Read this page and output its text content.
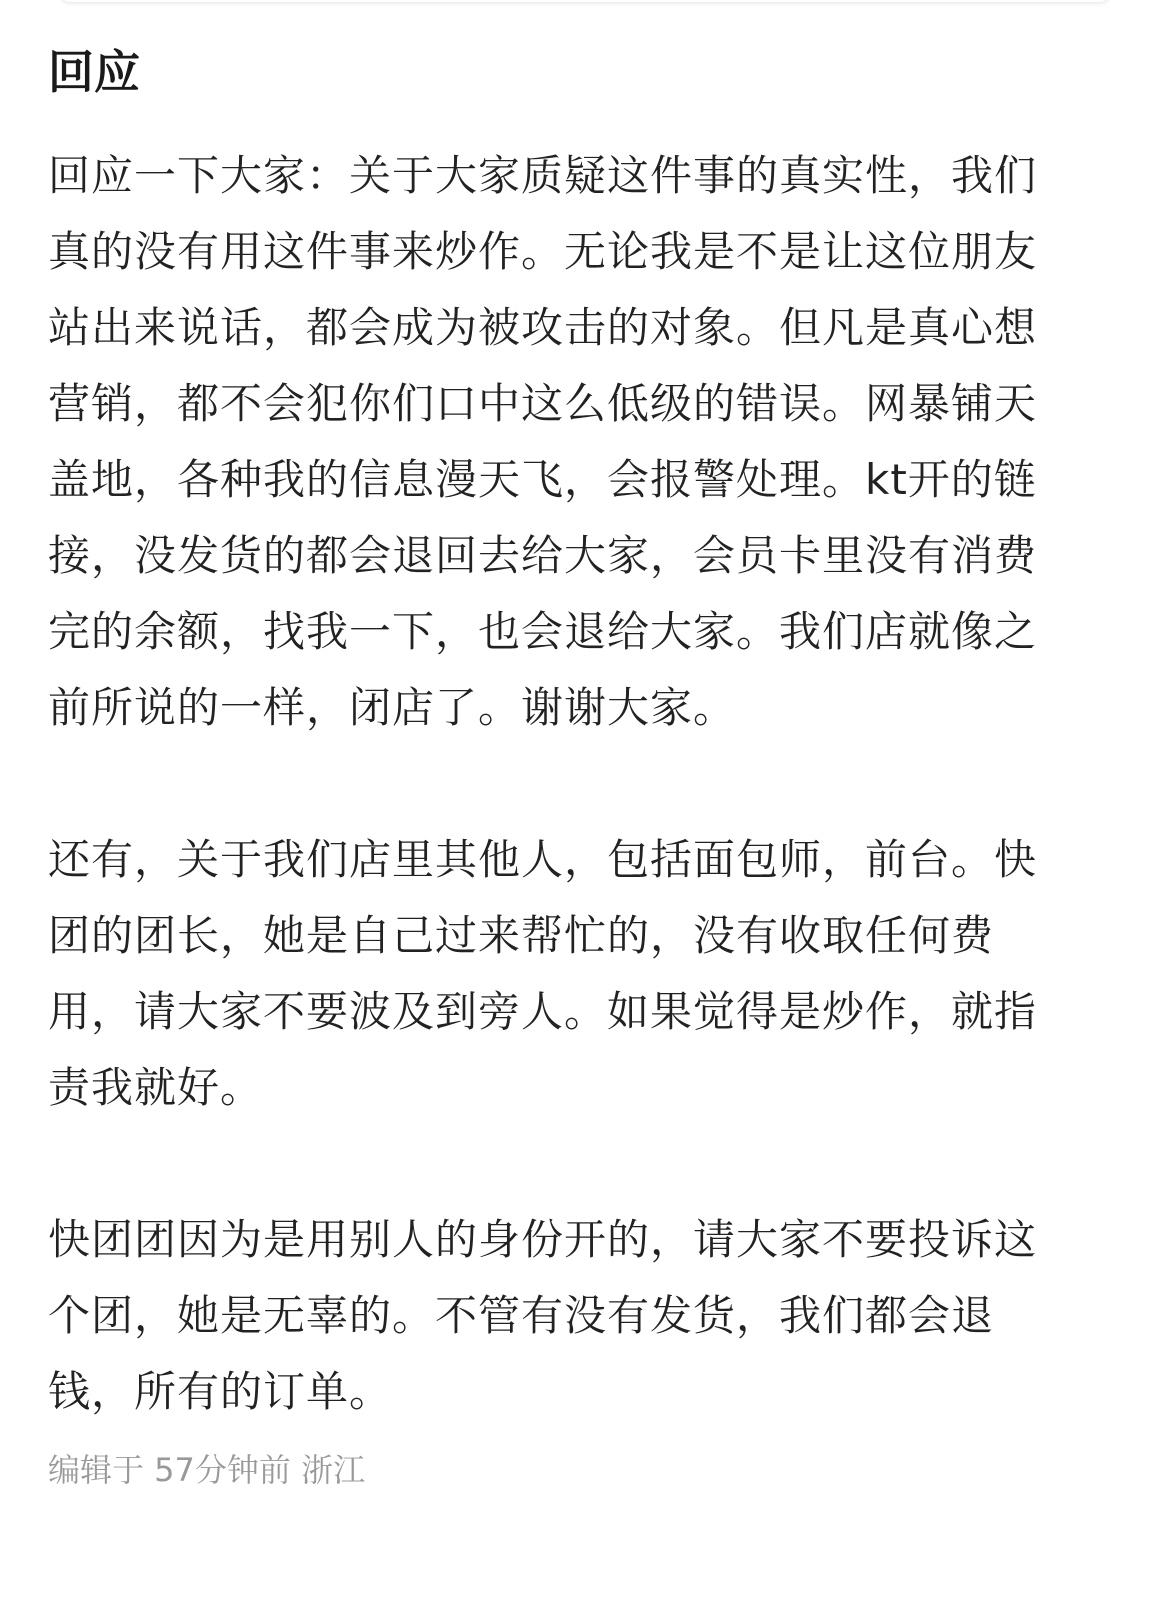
回应

回应一下大家：关于大家质疑这件事的真实性，我们真的没有用这件事来炒作。无论我是不是让这位朋友站出来说话，都会成为被攻击的对象。但凡是真心想营销，都不会犯你们口中这么低级的错误。网暴铺天盖地，各种我的信息漫天飞，会报警处理。kt开的链接，没发货的都会退回去给大家，会员卡里没有消费完的余额，找我一下，也会退给大家。我们店就像之前所说的一样，闭店了。谢谢大家。

还有，关于我们店里其他人，包括面包师，前台。快团的团长，她是自己过来帮忙的，没有收取任何费用，请大家不要波及到旁人。如果觉得是炒作，就指责我就好。

快团团因为是用别人的身份开的，请大家不要投诉这个团，她是无辜的。不管有没有发货，我们都会退钱，所有的订单。

编辑于 57分钟前 浙江
